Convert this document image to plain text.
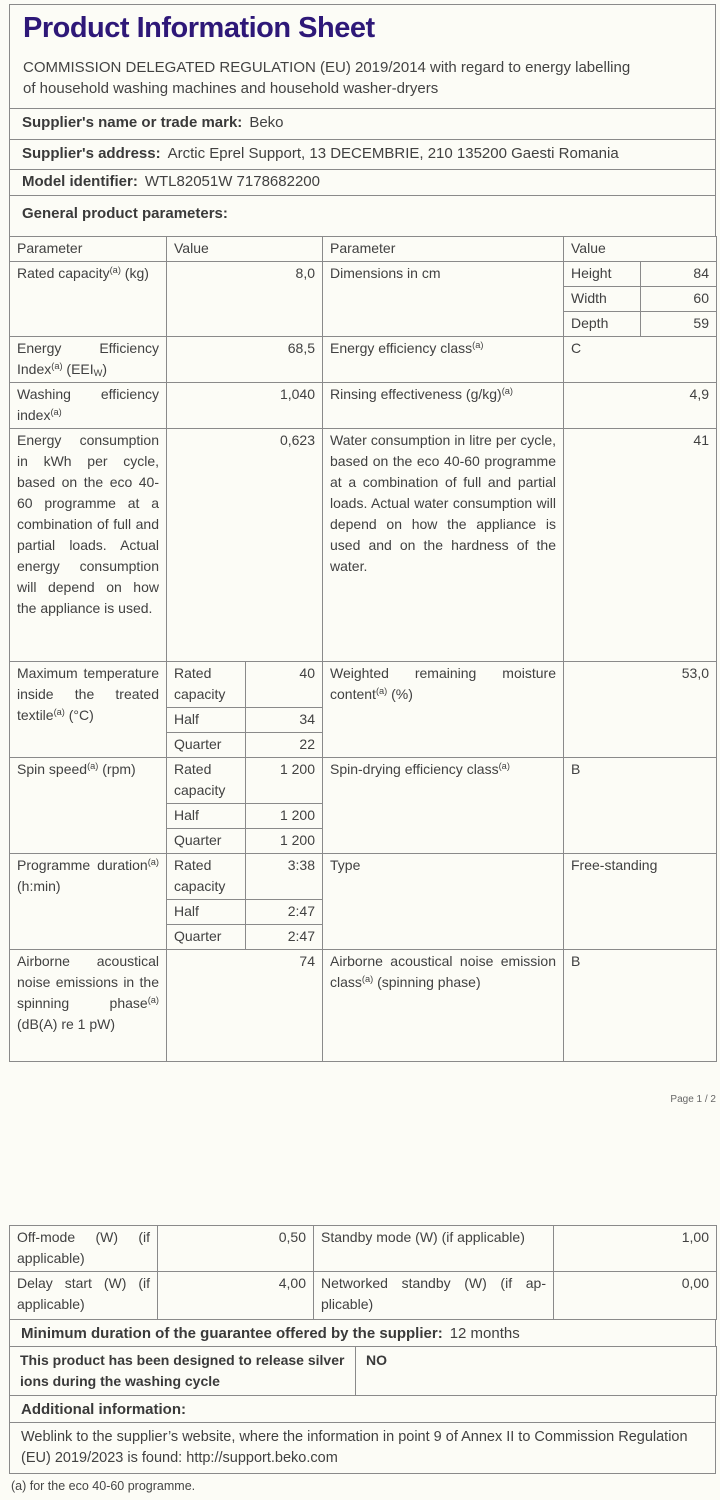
Product Information Sheet
COMMISSION DELEGATED REGULATION (EU) 2019/2014 with regard to energy labelling of household washing machines and household washer-dryers
Supplier's name or trade mark: Beko
Supplier's address: Arctic Eprel Support, 13 DECEMBRIE, 210 135200 Gaesti Romania
Model identifier: WTL82051W 7178682200
General product parameters:
Parameter	Value		Parameter	Value	
Rated capacity$^{(a)}$ (kg)	8,0		Dimensions in cm	Height	84
				Width	60
				Depth	59
Energy Efficiency Index$^{(a)}$ $(EEI_W)$	68,5		Energy efficiency class$^{(a)}$	C	
Washing efficiency index$^{(a)}$	1,040		Rinsing effectiveness $(g/kg)^{(a)}$	4,9	
Energy consumption in kWh per cycle, based on the eco 40-60 programme at a combination of full and partial loads. Actual energy consumption will depend on how the appliance is used.	0,623		Water consumption in litre per cycle, based on the eco 40-60 programme at a combination of full and partial loads. Actual water consumption will depend on how the appliance is used and on the hardness of the water.	41	
Maximum temperature inside the treated textile$^{(a)}$ (°C)	Rated capacity	40	Weighted remaining moisture content$^{(a)}$ (%)	53,0	
	Half	34			
	Quarter	22			
Spin speed$^{(a)}$ (rpm)	Rated capacity	1 200	Spin-drying efficiency class$^{(a)}$	B	
	Half	1 200			
	Quarter	1 200			
Programme duration$^{(a)}$ (h:min)	Rated capacity	3:38	Type	Free-standing	
	Half	2:47			
	Quarter	2:47			
Airborne acoustical noise emissions in the spinning phase$^{(a)}$ (dB(A) re 1 pW)	74		Airborne acoustical noise emission class$^{(a)}$ (spinning phase)	B	
Page 1 / 2
Off-mode (W) (if applicable)	0,50	Standby mode (W) (if applicable)	1,00
Delay start (W) (if applicable)	4,00	Networked standby (W) (if applicable)	0,00
Minimum duration of the guarantee offered by the supplier: 12 months
This product has been designed to release silver ions during the washing cycle	NO
Additional information:
Weblink to the supplier’s website, where the information in point 9 of Annex II to Commission Regulation (EU) 2019/2023 is found: http://support.beko.com
(a) for the eco 40-60 programme.
